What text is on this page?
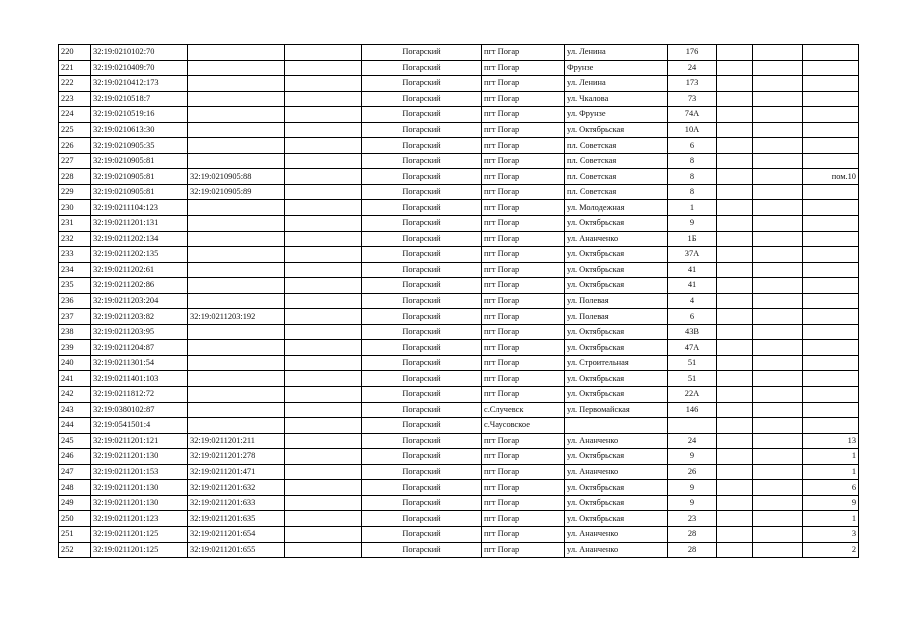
220	32:19:0210102:70			Погарский	пгт Погар	ул. Ленина	176			
221	32:19:0210409:70			Погарский	пгт Погар	Фрунзе	24			
222	32:19:0210412:173			Погарский	пгт Погар	ул. Ленина	173			
223	32:19:0210518:7			Погарский	пгт Погар	ул. Чкалова	73			
224	32:19:0210519:16			Погарский	пгт Погар	ул. Фрунзе	74А			
225	32:19:0210613:30			Погарский	пгт Погар	ул. Октябрьская	10А			
226	32:19:0210905:35			Погарский	пгт Погар	пл. Советская	6			
227	32:19:0210905:81			Погарский	пгт Погар	пл. Советская	8			
228	32:19:0210905:81	32:19:0210905:88		Погарский	пгт Погар	пл. Советская	8			пом.10
229	32:19:0210905:81	32:19:0210905:89		Погарский	пгт Погар	пл. Советская	8			
230	32:19:0211104:123			Погарский	пгт Погар	ул. Молодежная	1			
231	32:19:0211201:131			Погарский	пгт Погар	ул. Октябрьская	9			
232	32:19:0211202:134			Погарский	пгт Погар	ул. Ананченко	1Б			
233	32:19:0211202:135			Погарский	пгт Погар	ул. Октябрьская	37А			
234	32:19:0211202:61			Погарский	пгт Погар	ул. Октябрьская	41			
235	32:19:0211202:86			Погарский	пгт Погар	ул. Октябрьская	41			
236	32:19:0211203:204			Погарский	пгт Погар	ул. Полевая	4			
237	32:19:0211203:82	32:19:0211203:192		Погарский	пгт Погар	ул. Полевая	6			
238	32:19:0211203:95			Погарский	пгт Погар	ул. Октябрьская	43В			
239	32:19:0211204:87			Погарский	пгт Погар	ул. Октябрьская	47А			
240	32:19:0211301:54			Погарский	пгт Погар	ул. Строительная	51			
241	32:19:0211401:103			Погарский	пгт Погар	ул. Октябрьская	51			
242	32:19:0211812:72			Погарский	пгт Погар	ул. Октябрьская	22А			
243	32:19:0380102:87			Погарский	с.Случевск	ул. Первомайская	146			
244	32:19:0541501:4			Погарский	с.Чаусовское					
245	32:19:0211201:121	32:19:0211201:211		Погарский	пгт Погар	ул. Ананченко	24			13
246	32:19:0211201:130	32:19:0211201:278		Погарский	пгт Погар	ул. Октябрьская	9			1
247	32:19:0211201:153	32:19:0211201:471		Погарский	пгт Погар	ул. Ананченко	26			1
248	32:19:0211201:130	32:19:0211201:632		Погарский	пгт Погар	ул. Октябрьская	9			6
249	32:19:0211201:130	32:19:0211201:633		Погарский	пгт Погар	ул. Октябрьская	9			9
250	32:19:0211201:123	32:19:0211201:635		Погарский	пгт Погар	ул. Октябрьская	23			1
251	32:19:0211201:125	32:19:0211201:654		Погарский	пгт Погар	ул. Ананченко	28			3
252	32:19:0211201:125	32:19:0211201:655		Погарский	пгт Погар	ул. Ананченко	28			2
